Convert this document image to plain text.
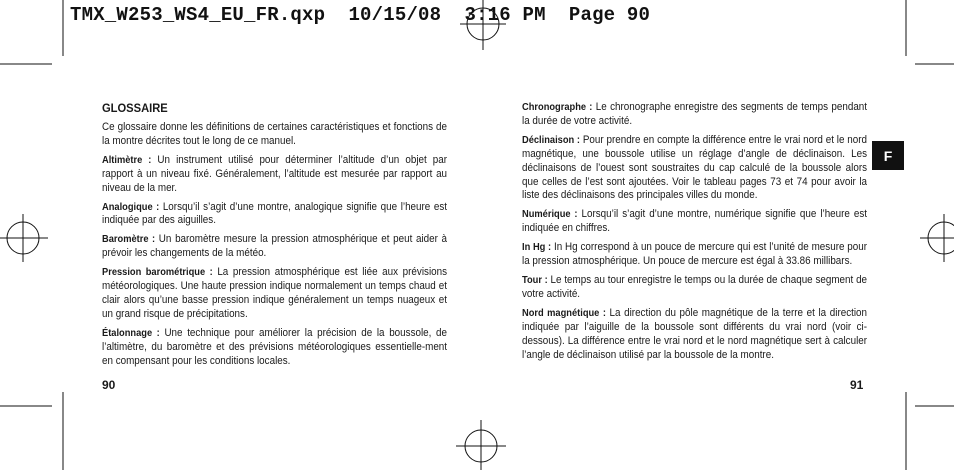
TMX_W253_WS4_EU_FR.qxp  10/15/08  3:16 PM  Page 90
GLOSSAIRE

Ce glossaire donne les définitions de certaines caractéristiques et fonctions de la montre décrites tout le long de ce manuel.

Altimètre : Un instrument utilisé pour déterminer l’altitude d’un objet par rapport à un niveau fixé. Généralement, l’altitude est mesurée par rapport au niveau de la mer.

Analogique : Lorsqu’il s’agit d’une montre, analogique signifie que l’heure est indiquée par des aiguilles.

Baromètre : Un baromètre mesure la pression atmosphérique et peut aider à prévoir les changements de la météo.

Pression barométrique : La pression atmosphérique est liée aux prévisions météorologiques. Une haute pression indique normalement un temps chaud et clair alors qu’une basse pression indique généralement un temps nuageux et un grand risque de précipitations.

Étalonnage : Une technique pour améliorer la précision de la boussole, de l’altimètre, du baromètre et des prévisions météorologiques essentielle-ment en compensant pour les conditions locales.

Chronographe : Le chronographe enregistre des segments de temps pendant la durée de votre activité.

Déclinaison : Pour prendre en compte la différence entre le vrai nord et le nord magnétique, une boussole utilise un réglage d’angle de déclinaison. Les déclinaisons de l’ouest sont soustraites du cap calculé de la boussole alors que celles de l’est sont ajoutées. Voir le tableau pages 73 et 74 pour avoir la liste des déclinaisons des principales villes du monde.

Numérique : Lorsqu’il s’agit d’une montre, numérique signifie que l’heure est indiquée en chiffres.

In Hg : In Hg correspond à un pouce de mercure qui est l’unité de mesure pour la pression atmosphérique. Un pouce de mercure est égal à 33.86 millibars.

Tour : Le temps au tour enregistre le temps ou la durée de chaque segment de votre activité.

Nord magnétique : La direction du pôle magnétique de la terre et la direction indiquée par l’aiguille de la boussole sont différents du vrai nord (voir ci-dessous). La différence entre le vrai nord et le nord magnétique sert à calculer l’angle de déclinaison utilisé par la boussole de la montre.

F
90	91
